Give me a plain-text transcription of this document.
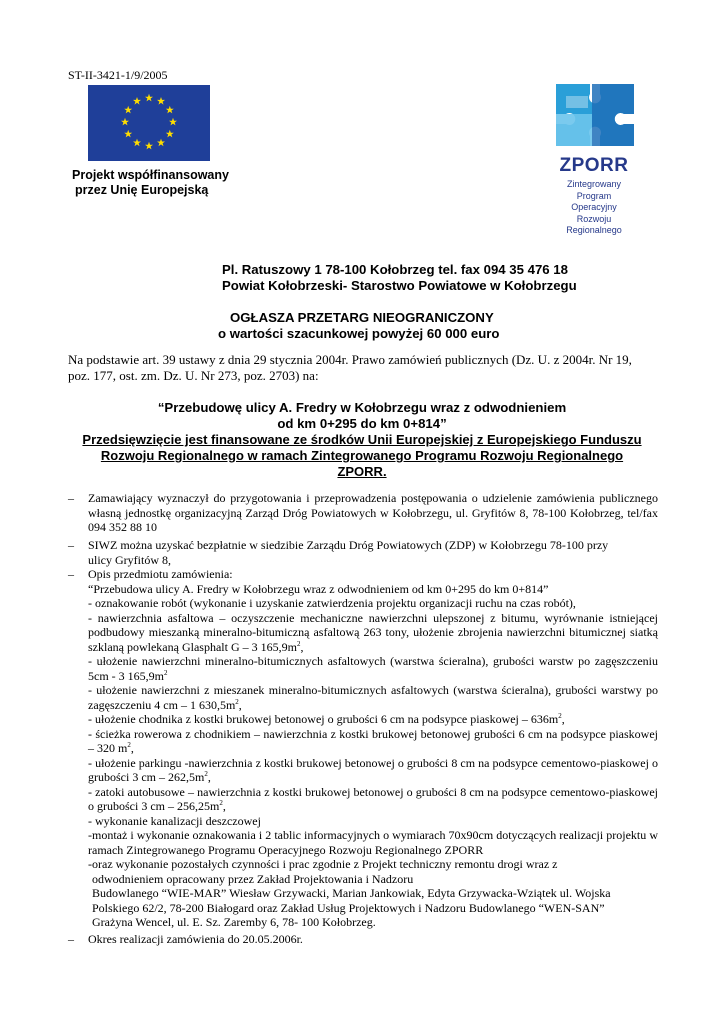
ST-II-3421-1/9/2005
Projekt współfinansowany
przez Unię Europejską
ZPORR
Zintegrowany
Program
Operacyjny
Rozwoju
Regionalnego
Pl. Ratuszowy 1 78-100 Kołobrzeg tel. fax 094 35 476 18
Powiat Kołobrzeski- Starostwo Powiatowe w Kołobrzegu
OGŁASZA PRZETARG NIEOGRANICZONY
o wartości szacunkowej powyżej 60 000 euro
Na podstawie art. 39 ustawy z dnia 29 stycznia 2004r. Prawo zamówień publicznych (Dz. U. z 2004r. Nr 19, poz. 177, ost. zm. Dz. U. Nr 273, poz. 2703) na:
“Przebudowę ulicy A. Fredry w Kołobrzegu wraz z odwodnieniem
od km 0+295 do km 0+814”
Przedsięwzięcie jest finansowane ze środków Unii Europejskiej z Europejskiego Funduszu
Rozwoju Regionalnego w ramach Zintegrowanego Programu Rozwoju Regionalnego
ZPORR.
– Zamawiający wyznaczył do przygotowania i przeprowadzenia postępowania o udzielenie zamówienia publicznego własną jednostkę organizacyjną Zarząd Dróg Powiatowych w Kołobrzegu, ul. Gryfitów 8, 78-100 Kołobrzeg, tel/fax 094 352 88 10
– SIWZ można uzyskać bezpłatnie w siedzibie Zarządu Dróg Powiatowych (ZDP) w Kołobrzegu 78-100 przy
ulicy Gryfitów 8,
– Opis przedmiotu zamówienia:
“Przebudowa ulicy A. Fredry w Kołobrzegu wraz z odwodnieniem od km 0+295 do km 0+814”
- oznakowanie robót (wykonanie i uzyskanie zatwierdzenia projektu organizacji ruchu na czas robót),
- nawierzchnia asfaltowa – oczyszczenie mechaniczne nawierzchni ulepszonej z bitumu, wyrównanie istniejącej podbudowy mieszanką mineralno-bitumiczną asfaltową 263 tony, ułożenie zbrojenia nawierzchni bitumicznej siatką szklaną powlekaną Glasphalt G – 3 $165,9m^2$,
- ułożenie nawierzchni mineralno-bitumicznych asfaltowych (warstwa ścieralna), grubości warstw po zagęszczeniu 5cm - 3 $165,9m^2$
- ułożenie nawierzchni z mieszanek mineralno-bitumicznych asfaltowych (warstwa ścieralna), grubości warstwy po zagęszczeniu 4 cm – 1 $630,5m^2$,
- ułożenie chodnika z kostki brukowej betonowej o grubości 6 cm na podsypce piaskowej – $636m^2$,
- ścieżka rowerowa z chodnikiem – nawierzchnia z kostki brukowej betonowej grubości 6 cm na podsypce piaskowej – 320 $m^2$,
- ułożenie parkingu -nawierzchnia z kostki brukowej betonowej o grubości 8 cm na podsypce cementowo-piaskowej o grubości 3 cm – $262,5m^2$,
- zatoki autobusowe – nawierzchnia z kostki brukowej betonowej o grubości 8 cm na podsypce cementowo-piaskowej o grubości 3 cm – $256,25m^2$,
- wykonanie kanalizacji deszczowej
-montaż i wykonanie oznakowania i 2 tablic informacyjnych o wymiarach 70x90cm dotyczących realizacji projektu w ramach Zintegrowanego Programu Operacyjnego Rozwoju Regionalnego ZPORR
-oraz wykonanie pozostałych czynności i prac zgodnie z Projekt techniczny remontu drogi wraz z
odwodnieniem opracowany przez Zakład Projektowania i Nadzoru
Budowlanego “WIE-MAR” Wiesław Grzywacki, Marian Jankowiak, Edyta Grzywacka-Wziątek ul. Wojska
Polskiego 62/2, 78-200 Białogard oraz Zakład Usług Projektowych i Nadzoru Budowlanego “WEN-SAN”
Grażyna Wencel, ul. E. Sz. Zaremby 6, 78- 100 Kołobrzeg.
– Okres realizacji zamówienia do 20.05.2006r.
